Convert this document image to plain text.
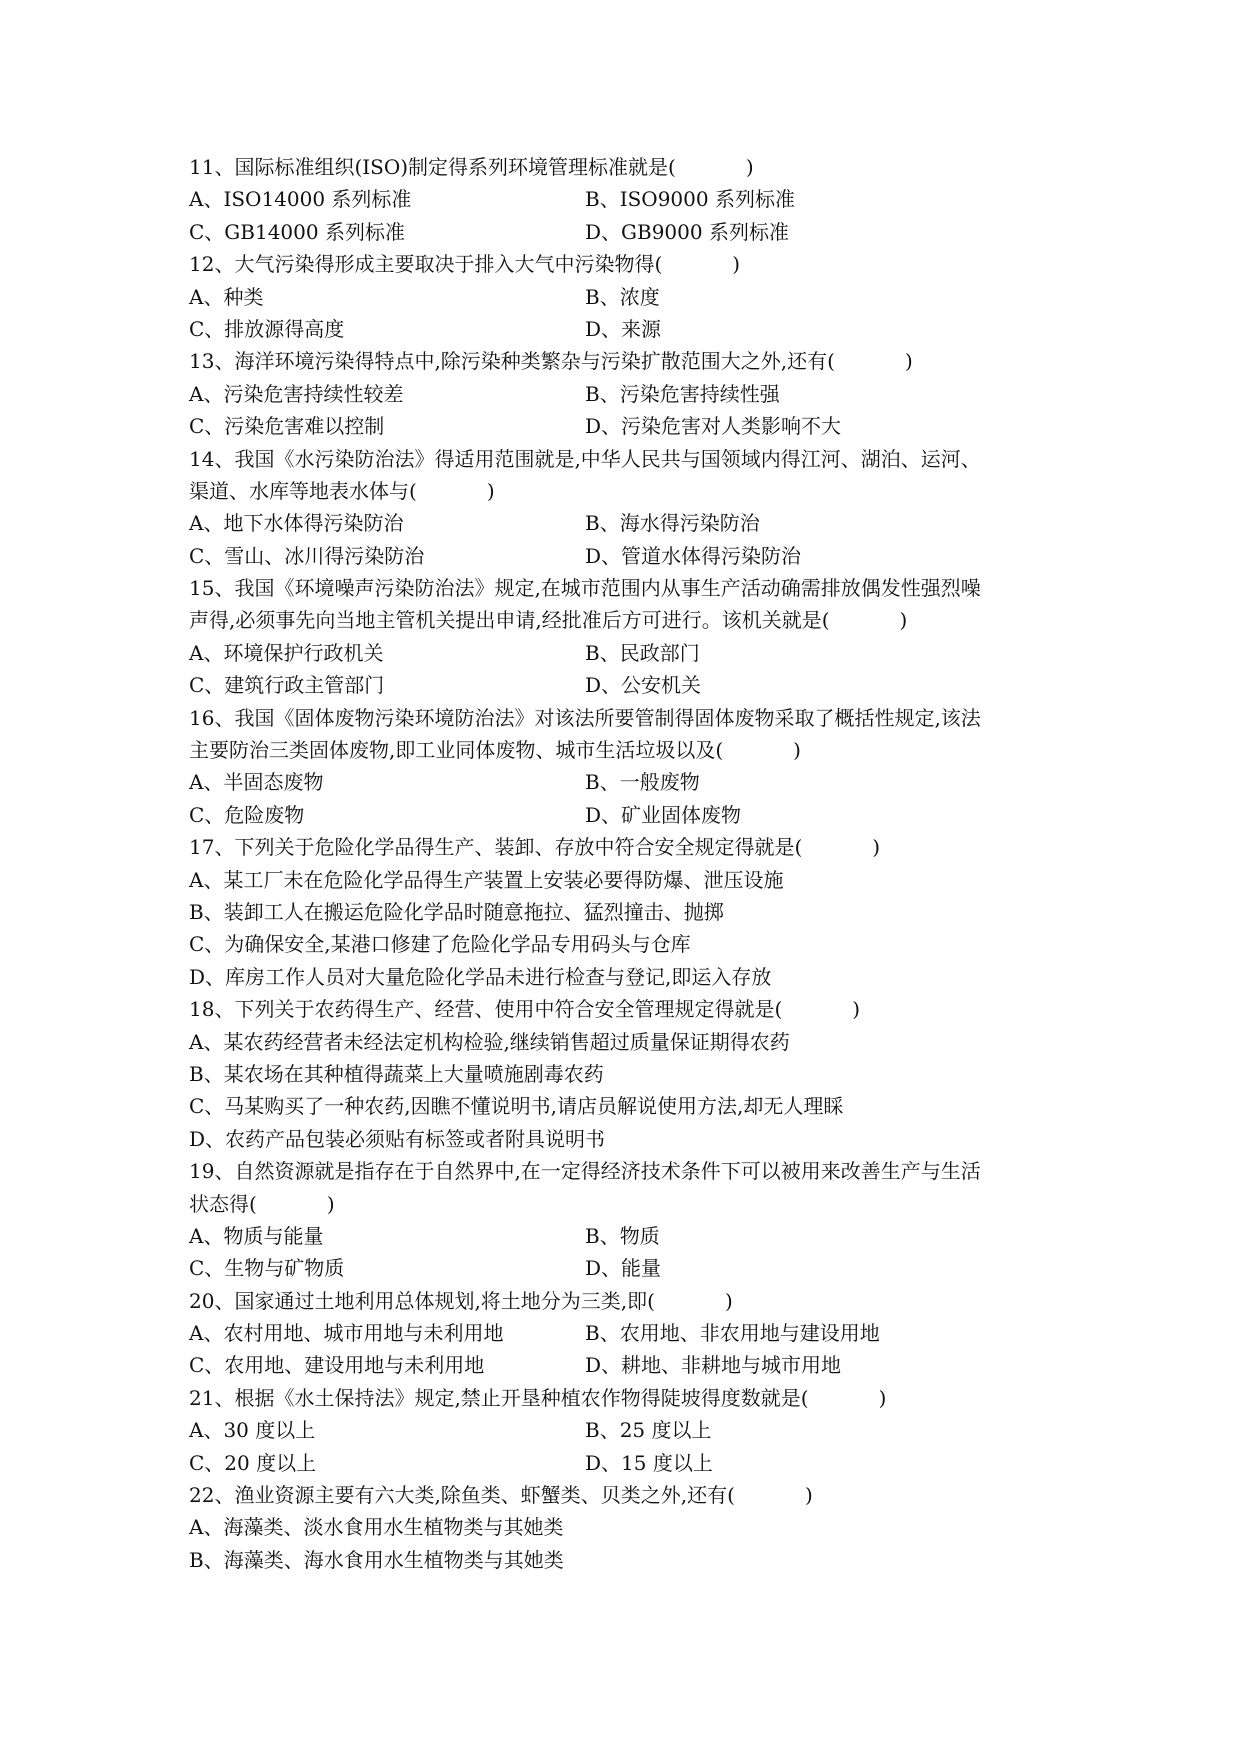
11、国际标准组织(ISO)制定得系列环境管理标准就是(	)
A、ISO14000 系列标准	B、ISO9000 系列标准
C、GB14000 系列标准	D、GB9000 系列标准
12、大气污染得形成主要取决于排入大气中污染物得(	)
A、种类	B、浓度
C、排放源得高度	D、来源
13、海洋环境污染得特点中,除污染种类繁杂与污染扩散范围大之外,还有(	)
A、污染危害持续性较差	B、污染危害持续性强
C、污染危害难以控制	D、污染危害对人类影响不大
14、我国《水污染防治法》得适用范围就是,中华人民共与国领域内得江河、湖泊、运河、
渠道、水库等地表水体与(	)
A、地下水体得污染防治	B、海水得污染防治
C、雪山、冰川得污染防治	D、管道水体得污染防治
15、我国《环境噪声污染防治法》规定,在城市范围内从事生产活动确需排放偶发性强烈噪
声得,必须事先向当地主管机关提出申请,经批准后方可进行。该机关就是(	)
A、环境保护行政机关	B、民政部门
C、建筑行政主管部门	D、公安机关
16、我国《固体废物污染环境防治法》对该法所要管制得固体废物采取了概括性规定,该法
主要防治三类固体废物,即工业同体废物、城市生活垃圾以及(	)
A、半固态废物	B、一般废物
C、危险废物	D、矿业固体废物
17、下列关于危险化学品得生产、装卸、存放中符合安全规定得就是(	)
A、某工厂未在危险化学品得生产装置上安装必要得防爆、泄压设施
B、装卸工人在搬运危险化学品时随意拖拉、猛烈撞击、抛掷
C、为确保安全,某港口修建了危险化学品专用码头与仓库
D、库房工作人员对大量危险化学品未进行检查与登记,即运入存放
18、下列关于农药得生产、经营、使用中符合安全管理规定得就是(	)
A、某农药经营者未经法定机构检验,继续销售超过质量保证期得农药
B、某农场在其种植得蔬菜上大量喷施剧毒农药
C、马某购买了一种农药,因瞧不懂说明书,请店员解说使用方法,却无人理睬
D、农药产品包装必须贴有标签或者附具说明书
19、自然资源就是指存在于自然界中,在一定得经济技术条件下可以被用来改善生产与生活
状态得(	)
A、物质与能量	B、物质
C、生物与矿物质	D、能量
20、国家通过土地利用总体规划,将土地分为三类,即(	)
A、农村用地、城市用地与未利用地	B、农用地、非农用地与建设用地
C、农用地、建设用地与未利用地	D、耕地、非耕地与城市用地
21、根据《水土保持法》规定,禁止开垦种植农作物得陡坡得度数就是(	)
A、30 度以上	B、25 度以上
C、20 度以上	D、15 度以上
22、渔业资源主要有六大类,除鱼类、虾蟹类、贝类之外,还有(	)
A、海藻类、淡水食用水生植物类与其她类
B、海藻类、海水食用水生植物类与其她类
